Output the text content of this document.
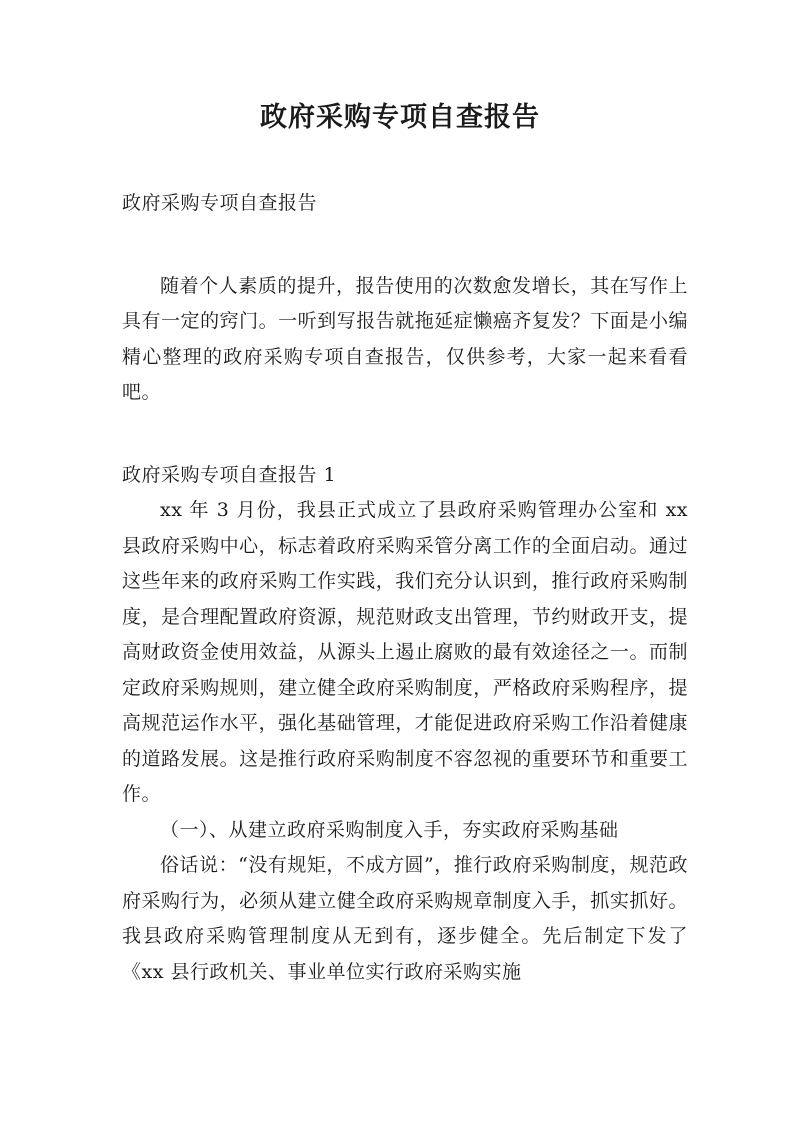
政府采购专项自查报告

政府采购专项自查报告

随着个人素质的提升，报告使用的次数愈发增长，其在写作上具有一定的窍门。一听到写报告就拖延症懒癌齐复发？下面是小编精心整理的政府采购专项自查报告，仅供参考，大家一起来看看吧。

政府采购专项自查报告 1

xx 年 3 月份，我县正式成立了县政府采购管理办公室和 xx 县政府采购中心，标志着政府采购采管分离工作的全面启动。通过这些年来的政府采购工作实践，我们充分认识到，推行政府采购制度，是合理配置政府资源，规范财政支出管理，节约财政开支，提高财政资金使用效益，从源头上遏止腐败的最有效途径之一。而制定政府采购规则，建立健全政府采购制度，严格政府采购程序，提高规范运作水平，强化基础管理，才能促进政府采购工作沿着健康的道路发展。这是推行政府采购制度不容忽视的重要环节和重要工作。

（一）、从建立政府采购制度入手，夯实政府采购基础

俗话说：“没有规矩，不成方圆”，推行政府采购制度，规范政府采购行为，必须从建立健全政府采购规章制度入手，抓实抓好。我县政府采购管理制度从无到有，逐步健全。先后制定下发了《xx 县行政机关、事业单位实行政府采购实施
